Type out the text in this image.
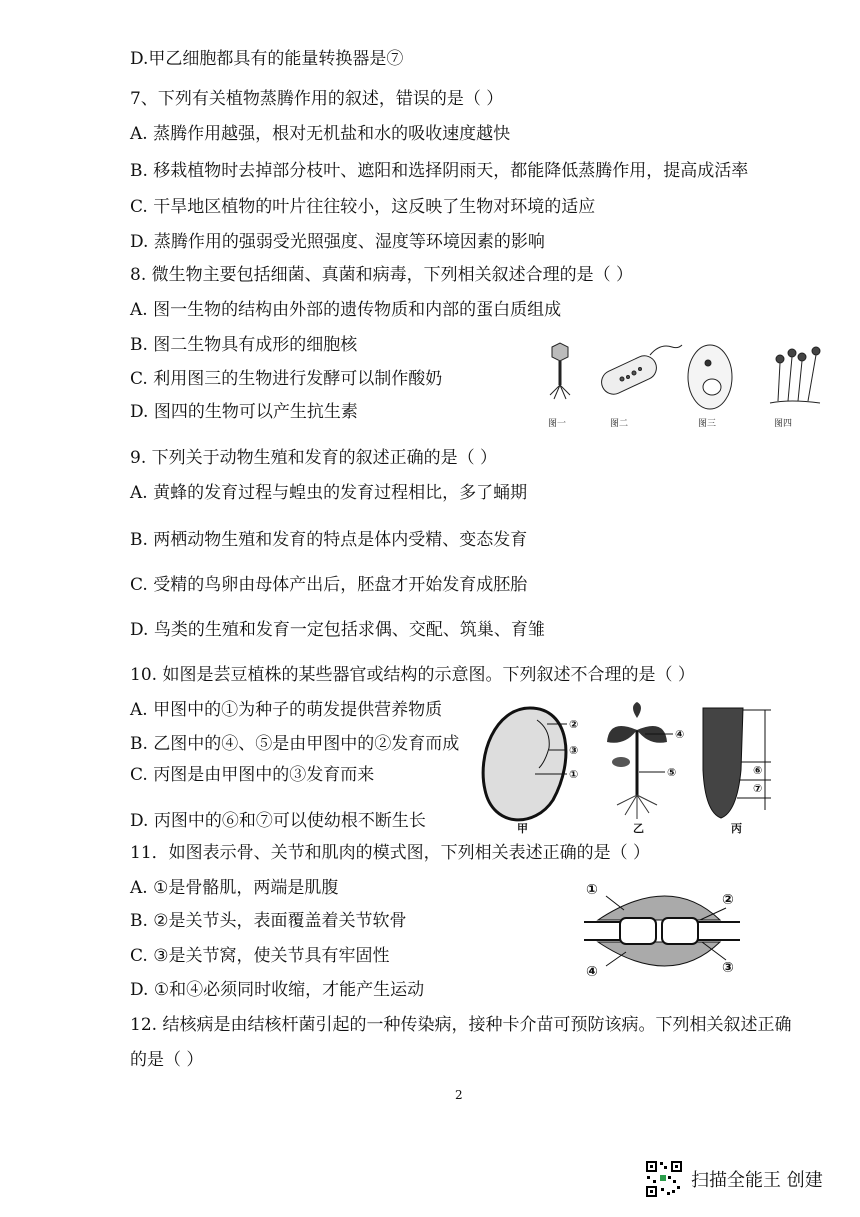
D.甲乙细胞都具有的能量转换器是⑦
7、下列有关植物蒸腾作用的叙述，错误的是（ ）
A. 蒸腾作用越强，根对无机盐和水的吸收速度越快
B. 移栽植物时去掉部分枝叶、遮阳和选择阴雨天，都能降低蒸腾作用，提高成活率
C. 干旱地区植物的叶片往往较小，这反映了生物对环境的适应
D. 蒸腾作用的强弱受光照强度、湿度等环境因素的影响
8. 微生物主要包括细菌、真菌和病毒，下列相关叙述合理的是（ ）
A. 图一生物的结构由外部的遗传物质和内部的蛋白质组成
B. 图二生物具有成形的细胞核
C. 利用图三的生物进行发酵可以制作酸奶
D. 图四的生物可以产生抗生素
9. 下列关于动物生殖和发育的叙述正确的是（ ）
A. 黄蜂的发育过程与蝗虫的发育过程相比，多了蛹期
B. 两栖动物生殖和发育的特点是体内受精、变态发育
C. 受精的鸟卵由母体产出后，胚盘才开始发育成胚胎
D. 鸟类的生殖和发育一定包括求偶、交配、筑巢、育雏
10. 如图是芸豆植株的某些器官或结构的示意图。下列叙述不合理的是（ ）
A. 甲图中的①为种子的萌发提供营养物质
B. 乙图中的④、⑤是由甲图中的②发育而成
C. 丙图是由甲图中的③发育而来
D. 丙图中的⑥和⑦可以使幼根不断生长
11．如图表示骨、关节和肌肉的模式图，下列相关表述正确的是（ ）
A. ①是骨骼肌，两端是肌腹
B. ②是关节头，表面覆盖着关节软骨
C. ③是关节窝，使关节具有牢固性
D. ①和④必须同时收缩，才能产生运动
12. 结核病是由结核杆菌引起的一种传染病，接种卡介苗可预防该病。下列相关叙述正确
的是（ ）
图一	图二	图三	图四
②
③
①
甲
④
⑤
乙
⑥
⑦
丙
①
②
③
④
2
扫描全能王 创建
